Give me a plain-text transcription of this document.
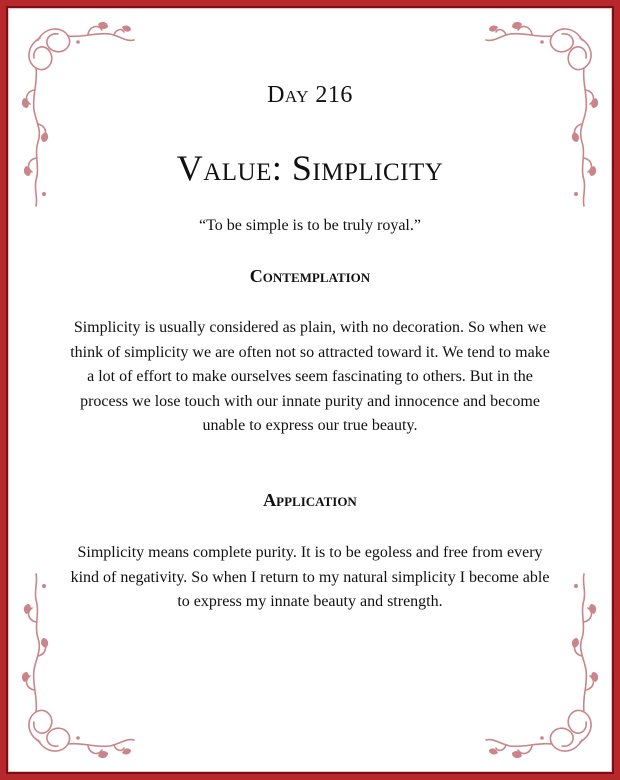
Day 216
Value: Simplicity

“To be simple is to be truly royal.”

Contemplation

Simplicity is usually considered as plain, with no decoration. So when we think of simplicity we are often not so attracted toward it. We tend to make a lot of effort to make ourselves seem fascinating to others. But in the process we lose touch with our innate purity and innocence and become unable to express our true beauty.

Application

Simplicity means complete purity. It is to be egoless and free from every kind of negativity. So when I return to my natural simplicity I become able to express my innate beauty and strength.
